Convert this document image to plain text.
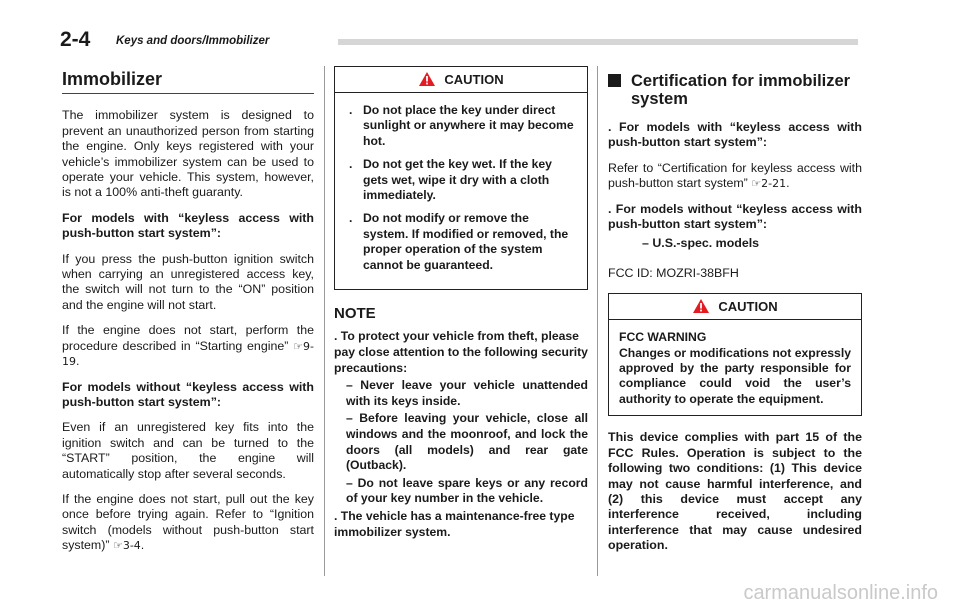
2-4 Keys and doors/Immobilizer
Immobilizer

The immobilizer system is designed to prevent an unauthorized person from starting the engine. Only keys registered with your vehicle’s immobilizer system can be used to operate your vehicle. This system, however, is not a 100% anti-theft guaranty.

For models with “keyless access with push-button start system”:

If you press the push-button ignition switch when carrying an unregistered access key, the switch will not turn to the “ON” position and the engine will not start.

If the engine does not start, perform the procedure described in “Starting engine” ☞9-19.

For models without “keyless access with push-button start system”:

Even if an unregistered key fits into the ignition switch and can be turned to the “START” position, the engine will automatically stop after several seconds.

If the engine does not start, pull out the key once before trying again. Refer to “Ignition switch (models without push-button start system)” ☞3-4.

CAUTION
. Do not place the key under direct sunlight or anywhere it may become hot.
. Do not get the key wet. If the key gets wet, wipe it dry with a cloth immediately.
. Do not modify or remove the system. If modified or removed, the proper operation of the system cannot be guaranteed.
NOTE
. To protect your vehicle from theft, please pay close attention to the following security precautions:
– Never leave your vehicle unattended with its keys inside.
– Before leaving your vehicle, close all windows and the moonroof, and lock the doors (all models) and rear gate (Outback).
– Do not leave spare keys or any record of your key number in the vehicle.
. The vehicle has a maintenance-free type immobilizer system.
Certification for immobilizer system

. For models with “keyless access with push-button start system”:

Refer to “Certification for keyless access with push-button start system” ☞2-21.

. For models without “keyless access with push-button start system”:

– U.S.-spec. models

FCC ID: MOZRI-38BFH

CAUTION
FCC WARNING
Changes or modifications not expressly approved by the party responsible for compliance could void the user’s authority to operate the equipment.

This device complies with part 15 of the FCC Rules. Operation is subject to the following two conditions: (1) This device may not cause harmful interference, and (2) this device must accept any interference received, including interference that may cause undesired operation.

carmanualsonline.info
